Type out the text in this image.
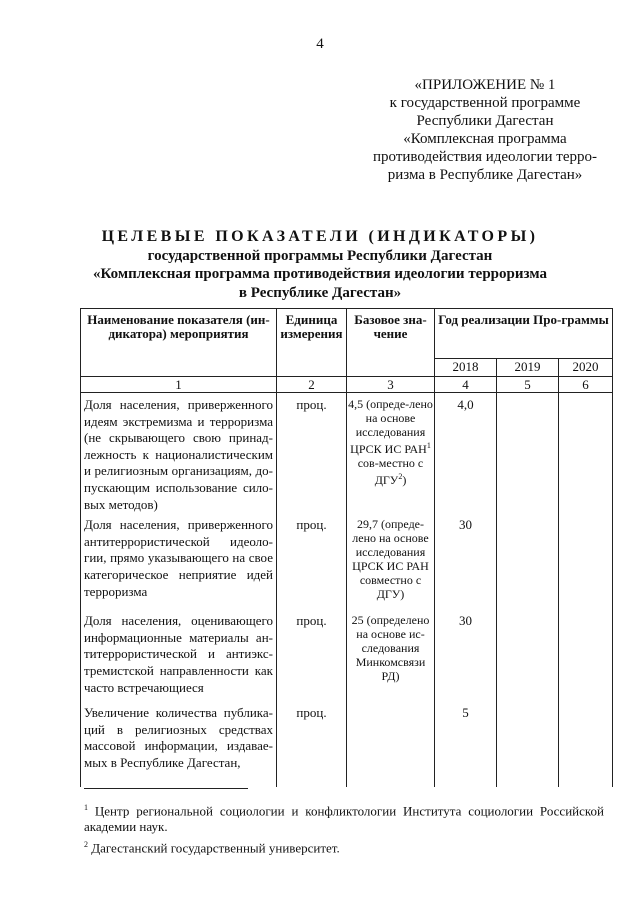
4
«ПРИЛОЖЕНИЕ № 1
к государственной программе
Республики Дагестан
«Комплексная программа
противодействия идеологии терро-
ризма в Республике Дагестан»
ЦЕЛЕВЫЕ ПОКАЗАТЕЛИ (ИНДИКАТОРЫ)
государственной программы Республики Дагестан
«Комплексная программа противодействия идеологии терроризма
в Республике Дагестан»
Наименование показателя (ин-дикатора) мероприятия	Единица измерения	Базовое зна-чение	Год реализации Про-граммы		
			2018	2019	2020
1	2	3	4	5	6
Доля населения, приверженного идеям экстремизма и терроризма (не скрывающего свою принад-лежность к националистическим и религиозным организациям, до-пускающим использование сило-вых методов)	проц.	4,5 (опреде-лено на основе исследования ЦРСК ИС РАН$^1$ сов-местно с ДГУ$^2$)	4,0		
Доля населения, приверженного антитеррористической идеоло-гии, прямо указывающего на свое категорическое неприятие идей терроризма	проц.	29,7 (опреде-лено на основе исследования ЦРСК ИС РАН совместно с ДГУ)	30		
Доля населения, оценивающего информационные материалы ан-титеррористической и антиэкс-тремистской направленности как часто встречающиеся	проц.	25 (определено на основе ис-следования Минкомсвязи РД)	30		
Увеличение количества публика-ций в религиозных средствах массовой информации, издавае-мых в Республике Дагестан,	проц.		5		

$^1$ Центр региональной социологии и конфликтологии Института социологии Российской академии наук.

$^2$ Дагестанский государственный университет.
